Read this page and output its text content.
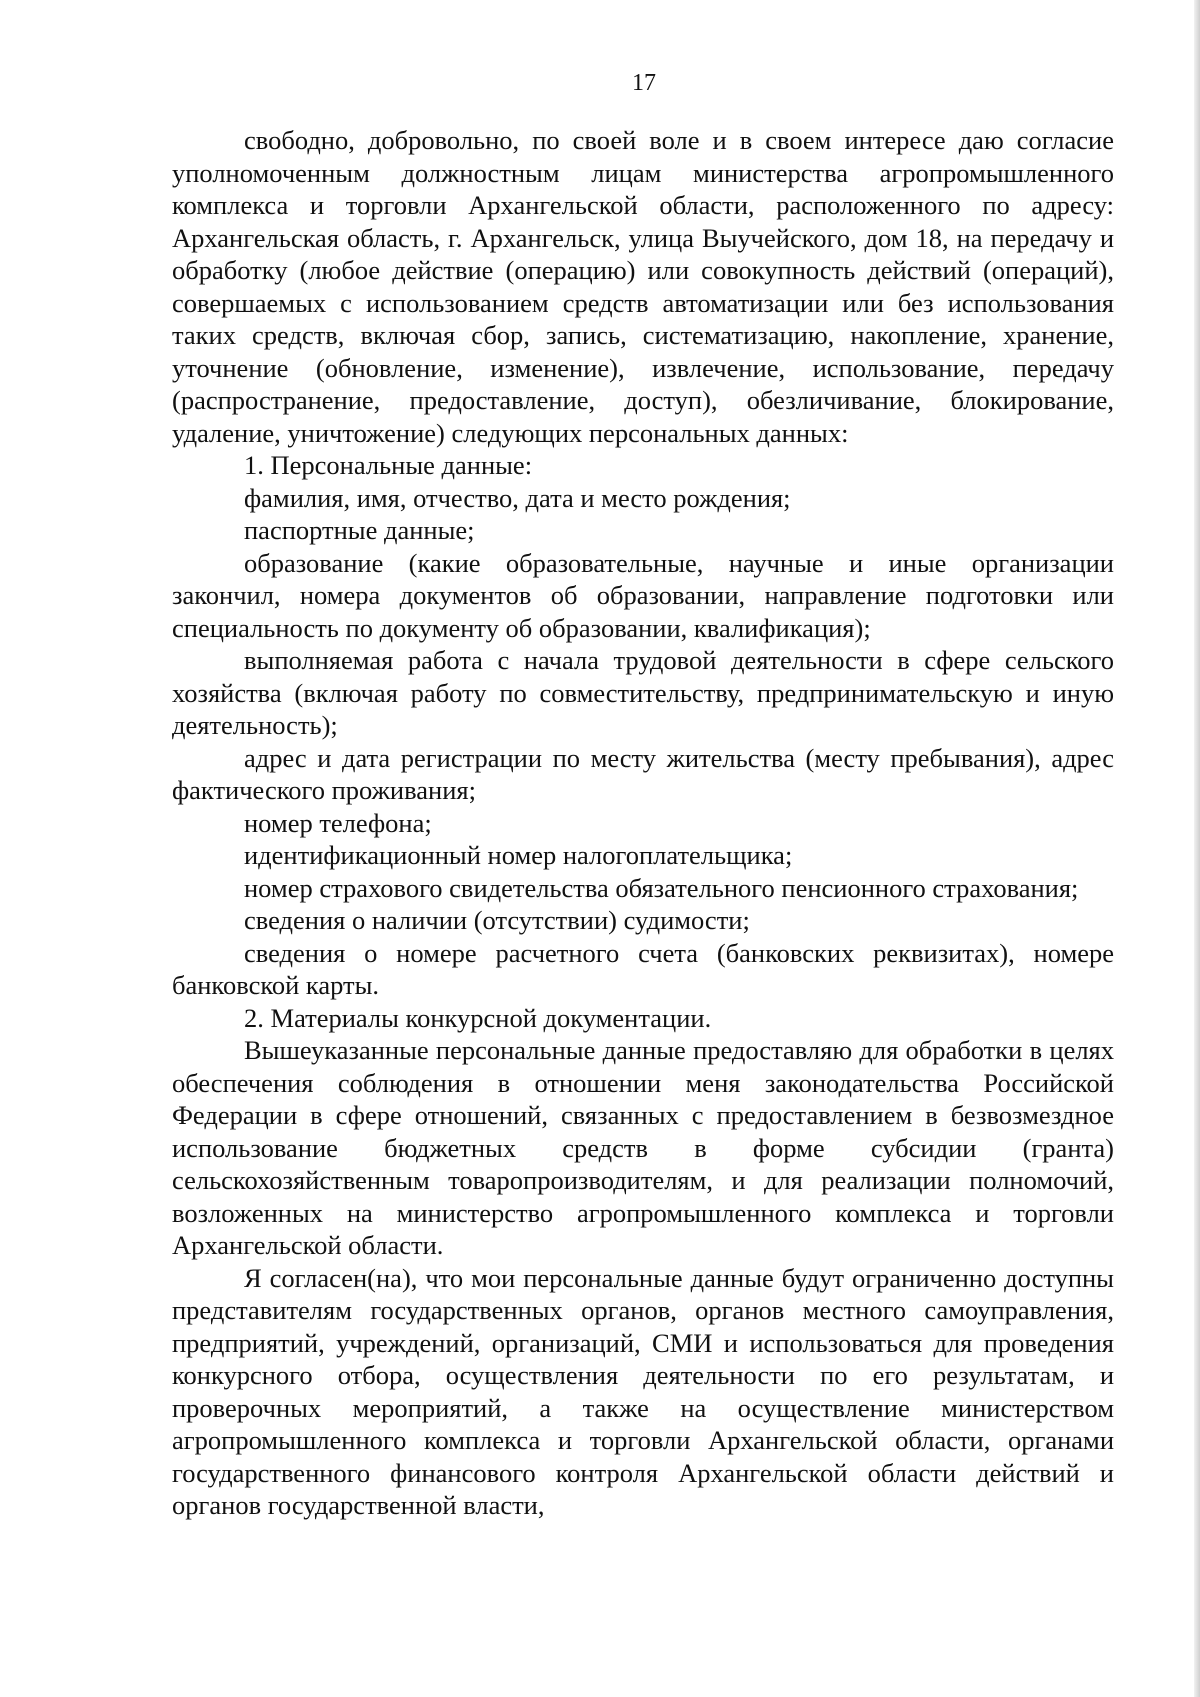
17

свободно, добровольно, по своей воле и в своем интересе даю согласие уполномоченным должностным лицам министерства агропромышленного комплекса и торговли Архангельской области, расположенного по адресу: Архангельская область, г. Архангельск, улица Выучейского, дом 18, на передачу и обработку (любое действие (операцию) или совокупность действий (операций), совершаемых с использованием средств автоматизации или без использования таких средств, включая сбор, запись, систематизацию, накопление, хранение, уточнение (обновление, изменение), извлечение, использование, передачу (распространение, предоставление, доступ), обезличивание, блокирование, удаление, уничтожение) следующих персональных данных:

1. Персональные данные:

фамилия, имя, отчество, дата и место рождения;

паспортные данные;

образование (какие образовательные, научные и иные организации закончил, номера документов об образовании, направление подготовки или специальность по документу об образовании, квалификация);

выполняемая работа с начала трудовой деятельности в сфере сельского хозяйства (включая работу по совместительству, предпринимательскую и иную деятельность);

адрес и дата регистрации по месту жительства (месту пребывания), адрес фактического проживания;

номер телефона;

идентификационный номер налогоплательщика;

номер страхового свидетельства обязательного пенсионного страхования;

сведения о наличии (отсутствии) судимости;

сведения о номере расчетного счета (банковских реквизитах), номере банковской карты.

2. Материалы конкурсной документации.

Вышеуказанные персональные данные предоставляю для обработки в целях обеспечения соблюдения в отношении меня законодательства Российской Федерации в сфере отношений, связанных с предоставлением в безвозмездное использование бюджетных средств в форме субсидии (гранта) сельскохозяйственным товаропроизводителям, и для реализации полномочий, возложенных на министерство агропромышленного комплекса и торговли Архангельской области.

Я согласен(на), что мои персональные данные будут ограниченно доступны представителям государственных органов, органов местного самоуправления, предприятий, учреждений, организаций, СМИ и использоваться для проведения конкурсного отбора, осуществления деятельности по его результатам, и проверочных мероприятий, а также на осуществление министерством агропромышленного комплекса и торговли Архангельской области, органами государственного финансового контроля Архангельской области действий и органов государственной власти,
